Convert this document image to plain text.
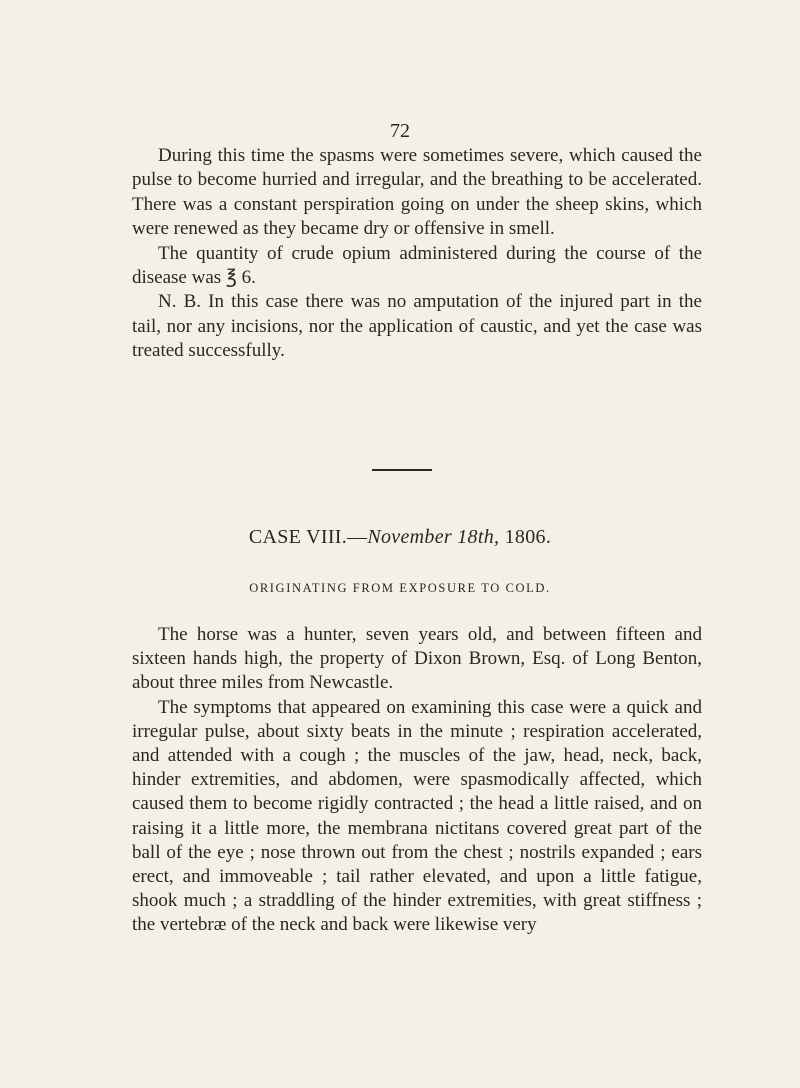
72

During this time the spasms were sometimes severe, which caused the pulse to become hurried and irregular, and the breathing to be accelerated. There was a constant perspiration going on under the sheep skins, which were renewed as they became dry or offensive in smell.

The quantity of crude opium administered during the course of the disease was ℥ 6.

N. B. In this case there was no amputation of the injured part in the tail, nor any incisions, nor the application of caustic, and yet the case was treated successfully.

CASE VIII.—November 18th, 1806.
ORIGINATING FROM EXPOSURE TO COLD.

The horse was a hunter, seven years old, and between fifteen and sixteen hands high, the property of Dixon Brown, Esq. of Long Benton, about three miles from Newcastle.

The symptoms that appeared on examining this case were a quick and irregular pulse, about sixty beats in the minute ; respiration accelerated, and attended with a cough ; the muscles of the jaw, head, neck, back, hinder extremities, and abdomen, were spasmodically affected, which caused them to become rigidly contracted ; the head a little raised, and on raising it a little more, the membrana nictitans covered great part of the ball of the eye ; nose thrown out from the chest ; nostrils expanded ; ears erect, and immoveable ; tail rather elevated, and upon a little fatigue, shook much ; a straddling of the hinder extremities, with great stiffness ; the vertebræ of the neck and back were likewise very
